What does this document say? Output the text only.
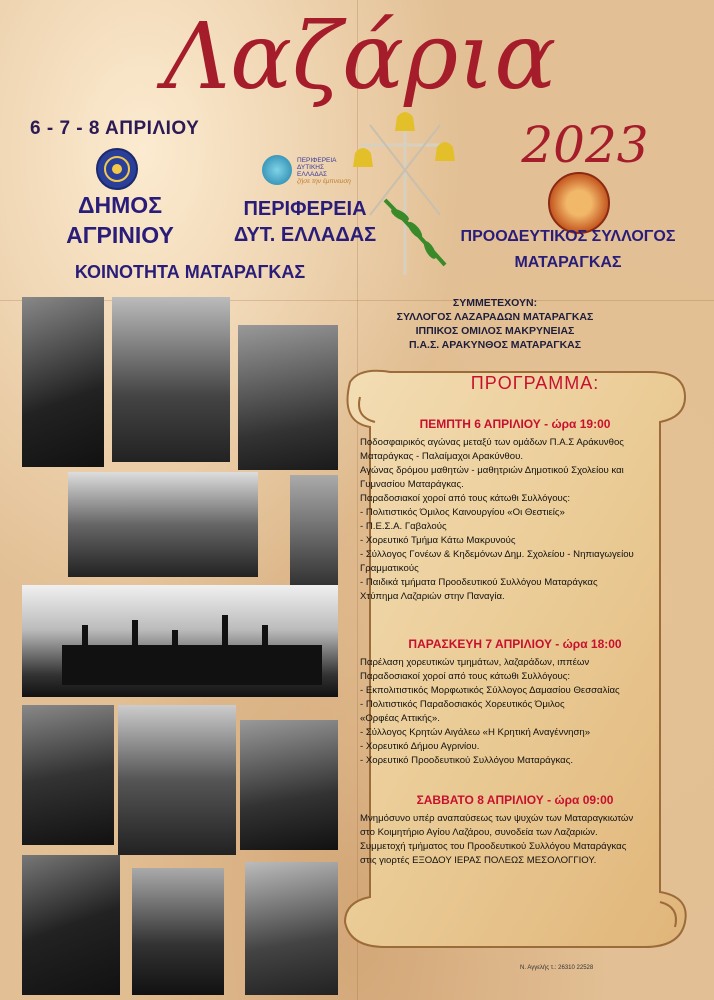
Λαζάρια
6 - 7 - 8 ΑΠΡΙΛΙΟΥ	2023
ΔΗΜΟΣ
ΑΓΡΙΝΙΟΥ
ΚΟΙΝΟΤΗΤΑ ΜΑΤΑΡΑΓΚΑΣ
ΠΕΡΙΦΕΡΕΙΑ
ΔΥΤΙΚΗΣ
ΕΛΛΑΔΑΣ
ζήσε την έμπνευση
ΠΕΡΙΦΕΡΕΙΑ
ΔΥΤ. ΕΛΛΑΔΑΣ	ΠΡΟΟΔΕΥΤΙΚΟΣ ΣΥΛΛΟΓΟΣ
ΜΑΤΑΡΑΓΚΑΣ
ΣΥΜΜΕΤΕΧΟΥΝ:
ΣΥΛΛΟΓΟΣ ΛΑΖΑΡΑΔΩΝ ΜΑΤΑΡΑΓΚΑΣ
ΙΠΠΙΚΟΣ ΟΜΙΛΟΣ ΜΑΚΡΥΝΕΙΑΣ
Π.Α.Σ. ΑΡΑΚΥΝΘΟΣ ΜΑΤΑΡΑΓΚΑΣ
ΠΡΟΓΡΑΜΜΑ:
ΠΕΜΠΤΗ 6 ΑΠΡΙΛΙΟΥ - ώρα 19:00
Ποδοσφαιρικός αγώνας μεταξύ των ομάδων Π.Α.Σ Αράκυνθος
Ματαράγκας - Παλαίμαχοι Αρακύνθου.
Αγώνας δρόμου μαθητών - μαθητριών Δημοτικού Σχολείου και
Γυμνασίου Ματαράγκας.
Παραδοσιακοί χοροί από τους κάτωθι Συλλόγους:
- Πολιτιστικός Όμιλος Καινουργίου «Οι Θεστιείς»
- Π.Ε.Σ.Α. Γαβαλούς
- Χορευτικό Τμήμα Κάτω Μακρυνούς
- Σύλλογος Γονέων & Κηδεμόνων Δημ. Σχολείου - Νηπιαγωγείου
Γραμματικούς
- Παιδικά τμήματα Προοδευτικού Συλλόγου Ματαράγκας
Χτύπημα Λαζαριών στην Παναγία.
ΠΑΡΑΣΚΕΥΗ 7 ΑΠΡΙΛΙΟΥ - ώρα 18:00
Παρέλαση χορευτικών τμημάτων, λαζαράδων, ιππέων
Παραδοσιακοί χοροί από τους κάτωθι Συλλόγους:
- Εκπολιτιστικός Μορφωτικός Σύλλογος Δαμασίου Θεσσαλίας
- Πολιτιστικός Παραδοσιακός Χορευτικός Όμιλος
«Ορφέας Αττικής».
- Σύλλογος Κρητών Αιγάλεω «Η Κρητική Αναγέννηση»
- Χορευτικό Δήμου Αγρινίου.
- Χορευτικό Προοδευτικού Συλλόγου Ματαράγκας.
ΣΑΒΒΑΤΟ 8 ΑΠΡΙΛΙΟΥ - ώρα 09:00
Μνημόσυνο υπέρ αναπαύσεως των ψυχών των Ματαραγκιωτών
στο Κοιμητήριο Αγίου Λαζάρου, συνοδεία των Λαζαριών.
Συμμετοχή τμήματος του Προοδευτικού Συλλόγου Ματαράγκας
στις γιορτές ΕΞΟΔΟΥ ΙΕΡΑΣ ΠΟΛΕΩΣ ΜΕΣΟΛΟΓΓΙΟΥ.
Ν. Αγγελής τ.: 26310 22528
